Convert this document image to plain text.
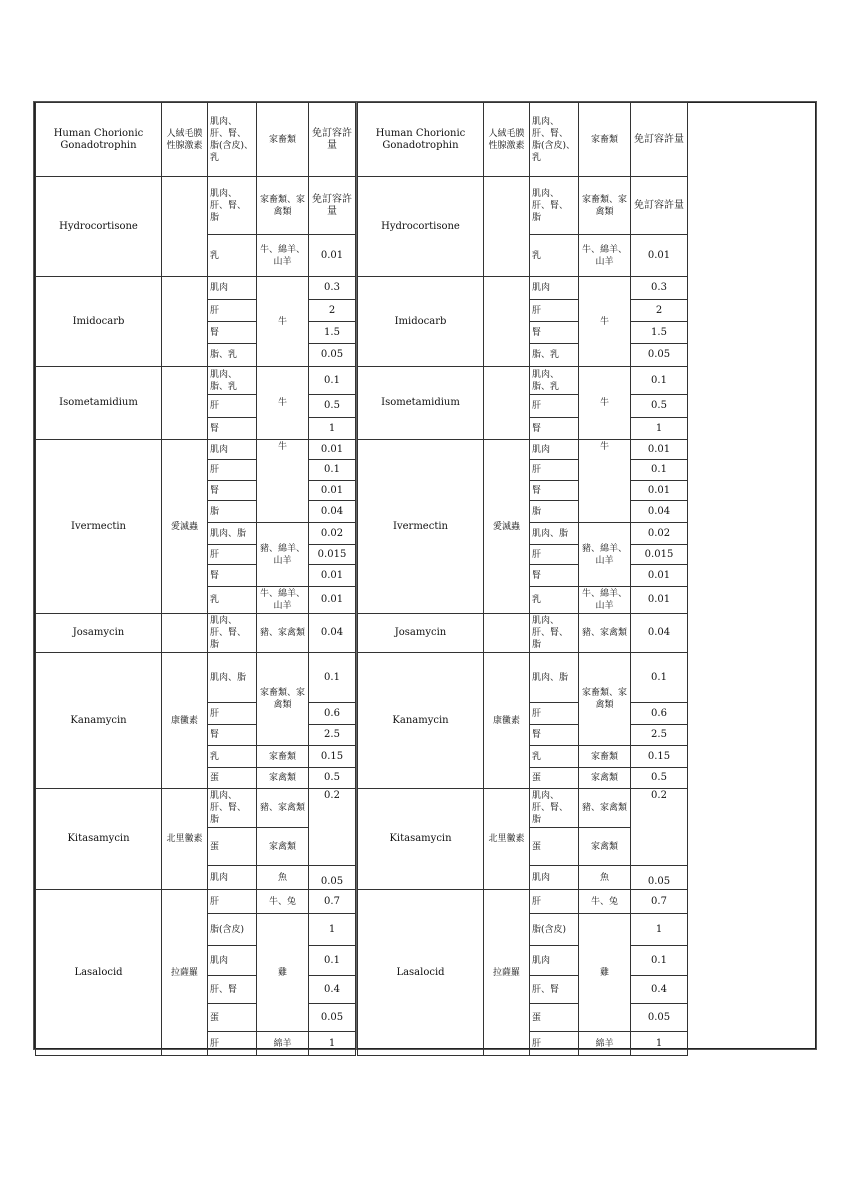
Human Chorionic Gonadotrophin	人絨毛膜性腺激素	肌肉、肝、腎、脂(含皮)、乳	家畜類	免訂容許量
Hydrocortisone		肌肉、肝、腎、脂	家畜類、家禽類	免訂容許量
		乳	牛、綿羊、山羊	0.01
Imidocarb		肌肉	牛	0.3
		肝		2
		腎		1.5
		脂、乳		0.05
Isometamidium		肌肉、脂、乳	牛	0.1
		肝		0.5
		腎		1
Ivermectin	愛滅蟲	肌肉	牛	0.01
		肝		0.1
		腎		0.01
		脂		0.04
		肌肉、脂	豬、綿羊、山羊	0.02
		肝		0.015
		腎		0.01
		乳	牛、綿羊、山羊	0.01
Josamycin		肌肉、肝、腎、脂	豬、家禽類	0.04
Kanamycin	康黴素	肌肉、脂	家畜類、家禽類	0.1
		肝		0.6
		腎		2.5
		乳	家畜類	0.15
		蛋	家禽類	0.5
Kitasamycin	北里黴素	肌肉、肝、腎、脂	豬、家禽類	0.2
		蛋	家禽類	
		肌肉	魚	0.05
Lasalocid	拉薩羅	肝	牛、兔	0.7
		脂(含皮)	雞	1
		肌肉		0.1
		肝、腎		0.4
		蛋		0.05
		肝	綿羊	1
Human Chorionic Gonadotrophin	人絨毛膜性腺激素	肌肉、肝、腎、脂(含皮)、乳	家畜類	免訂容許量
Hydrocortisone		肌肉、肝、腎、脂	家畜類、家禽類	免訂容許量
		乳	牛、綿羊、山羊	0.01
Imidocarb		肌肉	牛	0.3
		肝		2
		腎		1.5
		脂、乳		0.05
Isometamidium		肌肉、脂、乳	牛	0.1
		肝		0.5
		腎		1
Ivermectin	愛滅蟲	肌肉	牛	0.01
		肝		0.1
		腎		0.01
		脂		0.04
		肌肉、脂	豬、綿羊、山羊	0.02
		肝		0.015
		腎		0.01
		乳	牛、綿羊、山羊	0.01
Josamycin		肌肉、肝、腎、脂	豬、家禽類	0.04
Kanamycin	康黴素	肌肉、脂	家畜類、家禽類	0.1
		肝		0.6
		腎		2.5
		乳	家畜類	0.15
		蛋	家禽類	0.5
Kitasamycin	北里黴素	肌肉、肝、腎、脂	豬、家禽類	0.2
		蛋	家禽類	
		肌肉	魚	0.05
Lasalocid	拉薩羅	肝	牛、兔	0.7
		脂(含皮)	雞	1
		肌肉		0.1
		肝、腎		0.4
		蛋		0.05
		肝	綿羊	1
